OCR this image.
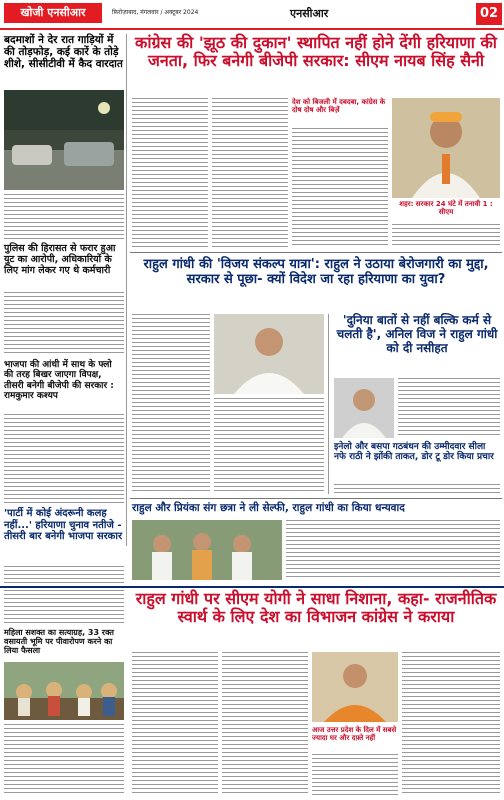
खोजी एनसीआर	फ़िरोज़ाबाद, मंगलवार / अक्टूबर 2024	एनसीआर	02
बदमाशों ने देर रात गाड़ियों में की तोड़फोड़, कई कारें के तोड़े शीशे, सीसीटीवी में कैद वारदात
पुलिस की हिरासत से फरार हुआ युट का आरोपी, अधिकारियों के लिए मांग लेकर गए थे कर्मचारी
भाजपा की आंधी में साथ के फ्लो की तरह बिखर जाएगा विपक्ष, तीसरी बनेगी बीजेपी की सरकार : रामकुमार कश्यप
'पार्टी में कोई अंदरूनी कलह नहीं...' हरियाणा चुनाव नतीजे - तीसरी बार बनेगी भाजपा सरकार
महिला सशक्त का सत्याग्रह, 33 रक्त वसायती भूमि पर पीवारोपण करने का लिया फैसला
कांग्रेस की 'झूठ की दुकान' स्थापित नहीं होने देंगी हरियाणा की जनता, फिर बनेगी बीजेपी सरकार: सीएम नायब सिंह सैनी
देश को बिजली में दबदबा, कांग्रेस के दोष दोष और बिज़ें
शहर: सरकार 24 घंटे में तनावी 1 : सीएम
राहुल गांधी की 'विजय संकल्प यात्रा': राहुल ने उठाया बेरोजगारी का मुद्दा, सरकार से पूछा- क्यों विदेश जा रहा हरियाणा का युवा?
'दुनिया बातों से नहीं बल्कि कर्म से चलती है', अनिल विज ने राहुल गांधी को दी नसीहत
इनेलो और बसपा गठबंधन की उम्मीदवार सीला नफे राठी ने झोंकी ताकत, डोर टू डोर किया प्रचार
राहुल और प्रियंका संग छत्रा ने ली सेल्फी, राहुल गांधी का किया धन्यवाद
राहुल गांधी पर सीएम योगी ने साधा निशाना, कहा- राजनीतिक स्वार्थ के लिए देश का विभाजन कांग्रेस ने कराया
आज उत्तर प्रदेश के दिल में सबसे ज्यादा घर और दफ़्ते नहीं
